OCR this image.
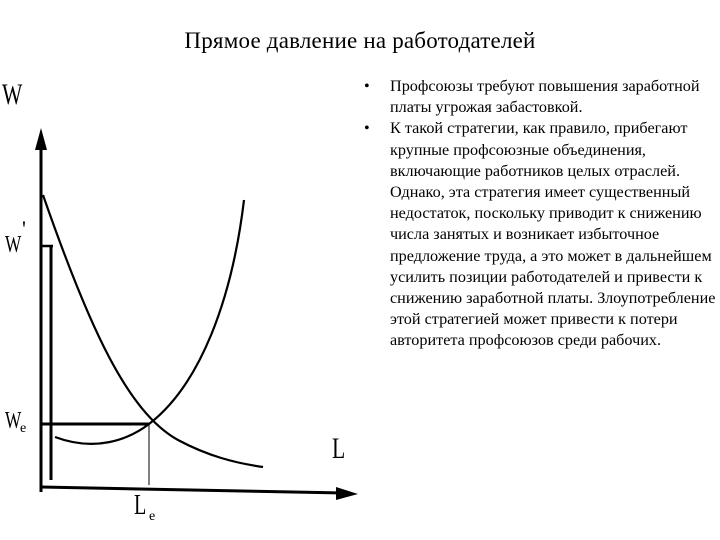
Прямое давление на работодателей
W
W
'
W
e
L
L e
•	Профсоюзы требуют повышения заработной платы угрожая забастовкой.
•	К такой стратегии, как правило, прибегают крупные профсоюзные объединения, включающие работников целых отраслей. Однако, эта стратегия имеет существенный недостаток, поскольку приводит к снижению числа занятых и возникает избыточное предложение труда, а это может в дальнейшем усилить позиции работодателей и привести к снижению заработной платы. Злоупотребление этой стратегией может привести к потери авторитета профсоюзов среди рабочих.
